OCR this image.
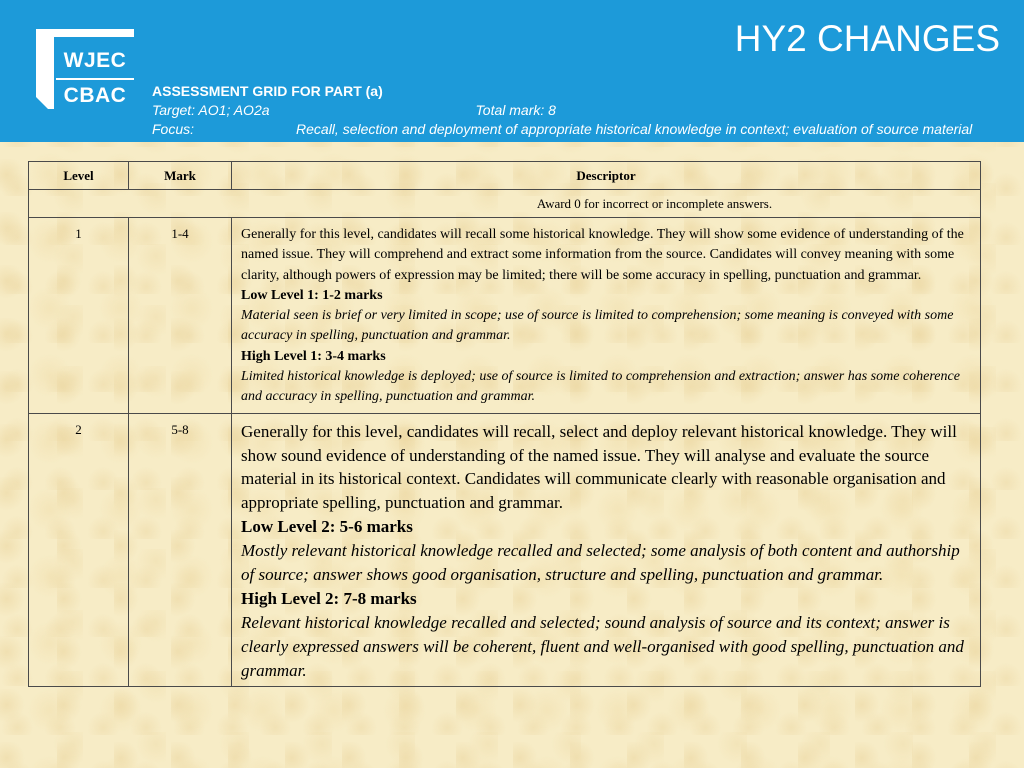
WJEC
CBAC
HY2 CHANGES
ASSESSMENT GRID FOR PART (a)
Target: AO1; AO2a	Total mark: 8
Focus:	Recall, selection and deployment of appropriate historical knowledge in context; evaluation of source material
Level	Mark	Descriptor
Award 0 for incorrect or incomplete answers.		
1	1-4	Generally for this level, candidates will recall some historical knowledge. They will show some evidence of understanding of the named issue. They will comprehend and extract some information from the source. Candidates will convey meaning with some clarity, although powers of expression may be limited; there will be some accuracy in spelling, punctuation and grammar.
Low Level 1: 1-2 marks
Material seen is brief or very limited in scope; use of source is limited to comprehension; some meaning is conveyed with some accuracy in spelling, punctuation and grammar.
High Level 1: 3-4 marks
Limited historical knowledge is deployed; use of source is limited to comprehension and extraction; answer has some coherence and accuracy in spelling, punctuation and grammar.

2	5-8	Generally for this level, candidates will recall, select and deploy relevant historical knowledge. They will show sound evidence of understanding of the named issue. They will analyse and evaluate the source material in its historical context. Candidates will communicate clearly with reasonable organisation and appropriate spelling, punctuation and grammar.
Low Level 2: 5-6 marks
Mostly relevant historical knowledge recalled and selected; some analysis of both content and authorship of source; answer shows good organisation, structure and spelling, punctuation and grammar.
High Level 2: 7-8 marks
Relevant historical knowledge recalled and selected; sound analysis of source and its context; answer is clearly expressed answers will be coherent, fluent and well-organised with good spelling, punctuation and grammar.
